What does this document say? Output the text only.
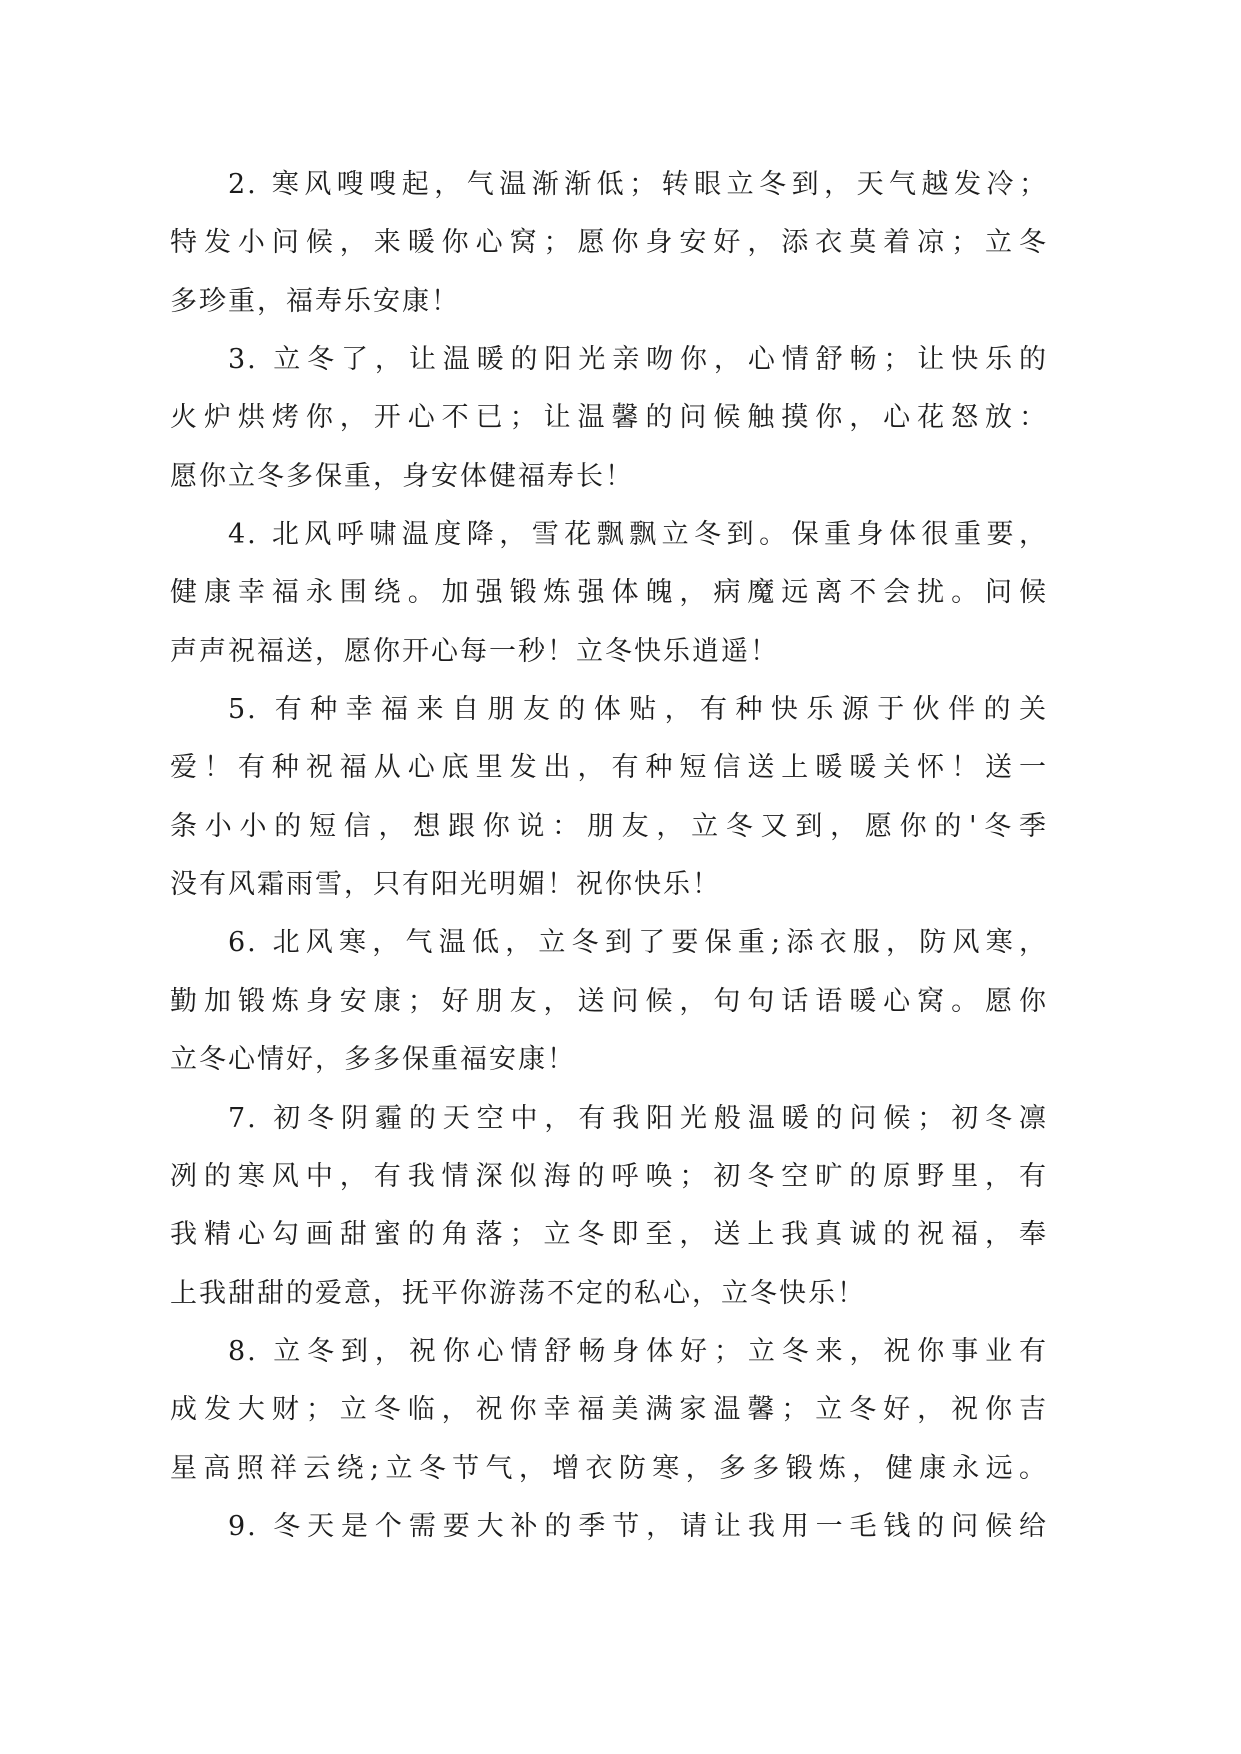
2. 寒风嗖嗖起，气温渐渐低；转眼立冬到，天气越发冷；
特发小问候，来暖你心窝；愿你身安好，添衣莫着凉；立冬
多珍重，福寿乐安康！
3. 立冬了，让温暖的阳光亲吻你，心情舒畅；让快乐的
火炉烘烤你，开心不已；让温馨的问候触摸你，心花怒放：
愿你立冬多保重，身安体健福寿长！
4. 北风呼啸温度降，雪花飘飘立冬到。保重身体很重要，
健康幸福永围绕。加强锻炼强体魄，病魔远离不会扰。问候
声声祝福送，愿你开心每一秒！立冬快乐逍遥！
5. 有种幸福来自朋友的体贴，有种快乐源于伙伴的关
爱！有种祝福从心底里发出，有种短信送上暖暖关怀！送一
条小小的短信，想跟你说：朋友，立冬又到，愿你的'冬季
没有风霜雨雪，只有阳光明媚！祝你快乐！
6. 北风寒，气温低，立冬到了要保重;添衣服，防风寒，
勤加锻炼身安康；好朋友，送问候，句句话语暖心窝。愿你
立冬心情好，多多保重福安康！
7. 初冬阴霾的天空中，有我阳光般温暖的问候；初冬凛
冽的寒风中，有我情深似海的呼唤；初冬空旷的原野里，有
我精心勾画甜蜜的角落；立冬即至，送上我真诚的祝福，奉
上我甜甜的爱意，抚平你游荡不定的私心，立冬快乐！
8. 立冬到，祝你心情舒畅身体好；立冬来，祝你事业有
成发大财；立冬临，祝你幸福美满家温馨；立冬好，祝你吉
星高照祥云绕;立冬节气，增衣防寒，多多锻炼，健康永远。
9. 冬天是个需要大补的季节，请让我用一毛钱的问候给
